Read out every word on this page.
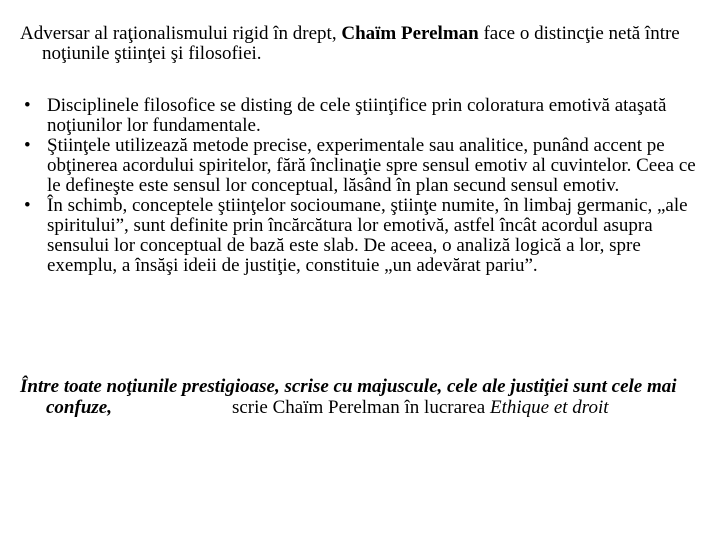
Adversar al raţionalismului rigid în drept, Chaïm Perelman face o distincţie netă între noţiunile ştiinţei şi filosofiei.
• Disciplinele filosofice se disting de cele ştiinţifice prin coloratura emotivă ataşată noţiunilor lor fundamentale.
• Ştiinţele utilizează metode precise, experimentale sau analitice, punând accent pe obţinerea acordului spiritelor, fără înclinaţie spre sensul emotiv al cuvintelor. Ceea ce le defineşte este sensul lor conceptual, lăsând în plan secund sensul emotiv.
• În schimb, conceptele ştiinţelor socioumane, ştiinţe numite, în limbaj germanic, „ale spiritului”, sunt definite prin încărcătura lor emotivă, astfel încât acordul asupra sensului lor conceptual de bază este slab. De aceea, o analiză logică a lor, spre exemplu, a însăşi ideii de justiţie, constituie „un adevărat pariu”.
Între toate noţiunile prestigioase, scrise cu majuscule, cele ale justiţiei sunt cele mai confuze,	scrie Chaïm Perelman în lucrarea Ethique et droit
